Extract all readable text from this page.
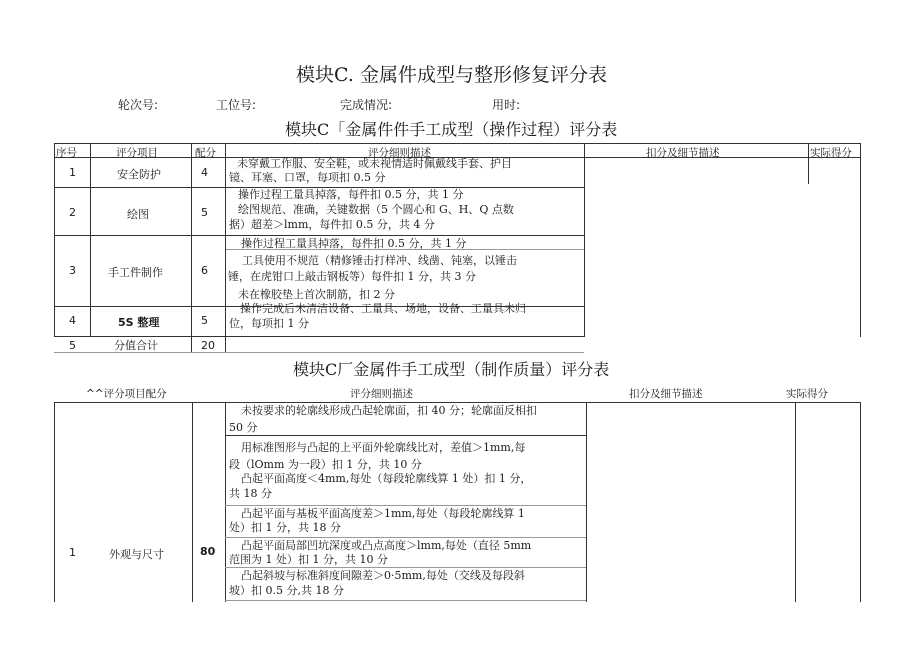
模块C. 金属件成型与整形修复评分表
轮次号:	工位号:	完成情况:	用时:
模块C「金属件件手工成型（操作过程）评分表
序号	评分项目	配分	评分细则描述	扣分及细节描述	实际得分
1	安全防护	4
未穿戴工作服、安全鞋，或未视情适时佩戴线手套、护目
镜、耳塞、口罩，每项扣 0.5 分
2	绘图	5
操作过程工量具掉落，每件扣 0.5 分，共 1 分
绘图规范、准确，关键数据（5 个圆心和 G、H、Q 点数
据）超差＞lmm，每件扣 0.5 分，共 4 分
3	手工件制作	6
操作过程工量具掉落，每件扣 0.5 分，共 1 分
工具使用不规范（精修锤击打样冲、线凿、钝塞，以锤击
锤，在虎钳口上敲击钢板等）每件扣 1 分，共 3 分
未在橡胶垫上首次制筋，扣 2 分
4	5S 整理	5
操作完成后未清洁设备、工量具、场地，设备、工量具未归
位，每项扣 1 分
5	分值合计	20
模块C厂金属件手工成型（制作质量）评分表
^^评分项目配分	评分细则描述	扣分及细节描述	实际得分
1	外观与尺寸	80
未按要求的轮廓线形成凸起轮廓面，扣 40 分；轮廓面反相扣
50 分
用标准图形与凸起的上平面外轮廓线比对，差值＞1mm,每
段（lOmm 为一段）扣 1 分，共 10 分
凸起平面高度＜4mm,每处（每段轮廓线算 1 处）扣 1 分，
共 18 分
凸起平面与基板平面高度差＞1mm,每处（每段轮廓线算 1
处）扣 1 分，共 18 分
凸起平面局部凹坑深度或凸点高度＞lmm,每处（直径 5mm
范围为 1 处）扣 1 分，共 10 分
凸起斜坡与标准斜度间隙差＞0·5mm,每处（交线及每段斜
坡）扣 0.5 分,共 18 分
